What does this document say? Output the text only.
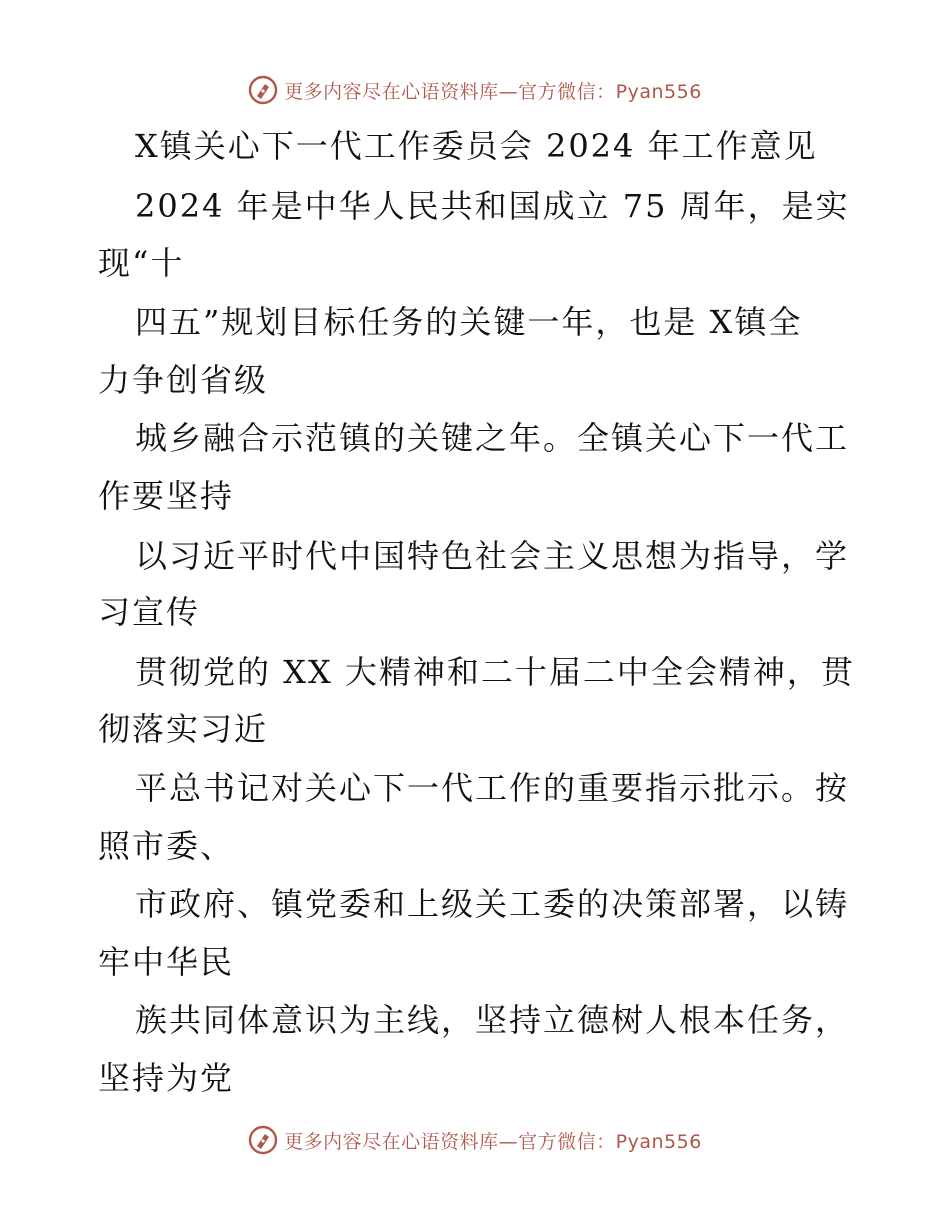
更多内容尽在心语资料库—官方微信：Pyan556
X镇关心下一代工作委员会 2024 年工作意见
2024 年是中华人民共和国成立 75 周年，是实
现“十
四五”规划目标任务的关键一年，也是 X镇全
力争创省级
城乡融合示范镇的关键之年。全镇关心下一代工
作要坚持
以习近平时代中国特色社会主义思想为指导，学
习宣传
贯彻党的 XX 大精神和二十届二中全会精神，贯
彻落实习近
平总书记对关心下一代工作的重要指示批示。按
照市委、
市政府、镇党委和上级关工委的决策部署，以铸
牢中华民
族共同体意识为主线，坚持立德树人根本任务，
坚持为党
更多内容尽在心语资料库—官方微信：Pyan556
